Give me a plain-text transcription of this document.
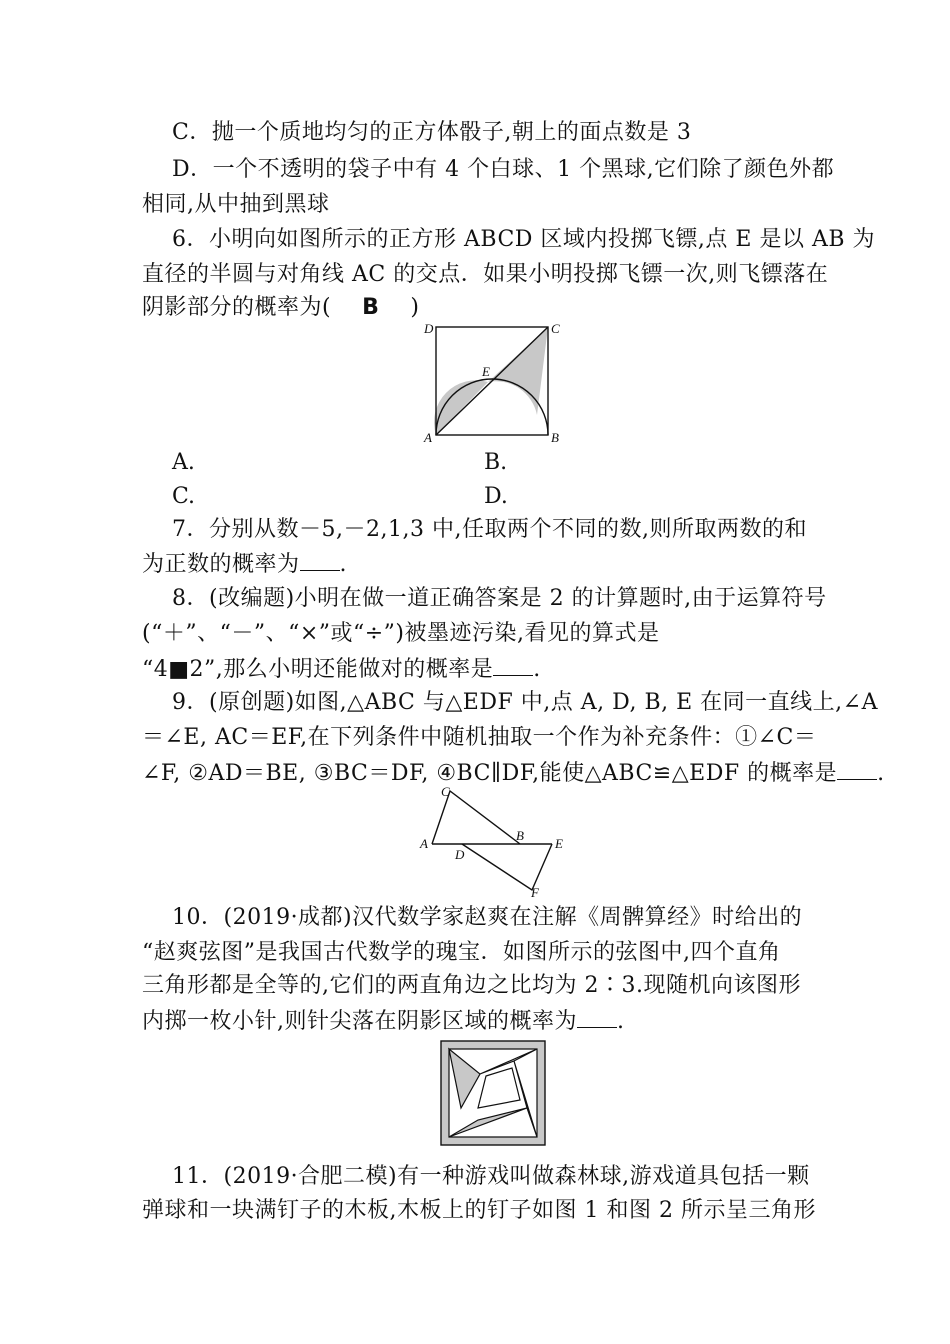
C．抛一个质地均匀的正方体骰子,朝上的面点数是 3
D．一个不透明的袋子中有 4 个白球、1 个黑球,它们除了颜色外都
相同,从中抽到黑球
6．小明向如图所示的正方形 ABCD 区域内投掷飞镖,点 E 是以 AB 为
直径的半圆与对角线 AC 的交点．如果小明投掷飞镖一次,则飞镖落在
阴影部分的概率为( B )
D	C
E
A	B
A.	B.
C.	D.
7．分别从数－5,－2,1,3 中,任取两个不同的数,则所取两数的和
为正数的概率为 .
8．(改编题)小明在做一道正确答案是 2 的计算题时,由于运算符号
(“＋”、“－”、“×”或“÷”)被墨迹污染,看见的算式是
“4■2”,那么小明还能做对的概率是 .
9．(原创题)如图,△ABC 与△EDF 中,点 A, D, B, E 在同一直线上,∠A
＝∠E, AC＝EF,在下列条件中随机抽取一个作为补充条件：①∠C＝
∠F, ②AD＝BE, ③BC＝DF, ④BC∥DF,能使△ABC≌△EDF 的概率是 .
C
A
B
E
D
F
10．(2019·成都)汉代数学家赵爽在注解《周髀算经》时给出的
“赵爽弦图”是我国古代数学的瑰宝．如图所示的弦图中,四个直角
三角形都是全等的,它们的两直角边之比均为 2∶3.现随机向该图形
内掷一枚小针,则针尖落在阴影区域的概率为 .
11．(2019·合肥二模)有一种游戏叫做森林球,游戏道具包括一颗
弹球和一块满钉子的木板,木板上的钉子如图 1 和图 2 所示呈三角形
